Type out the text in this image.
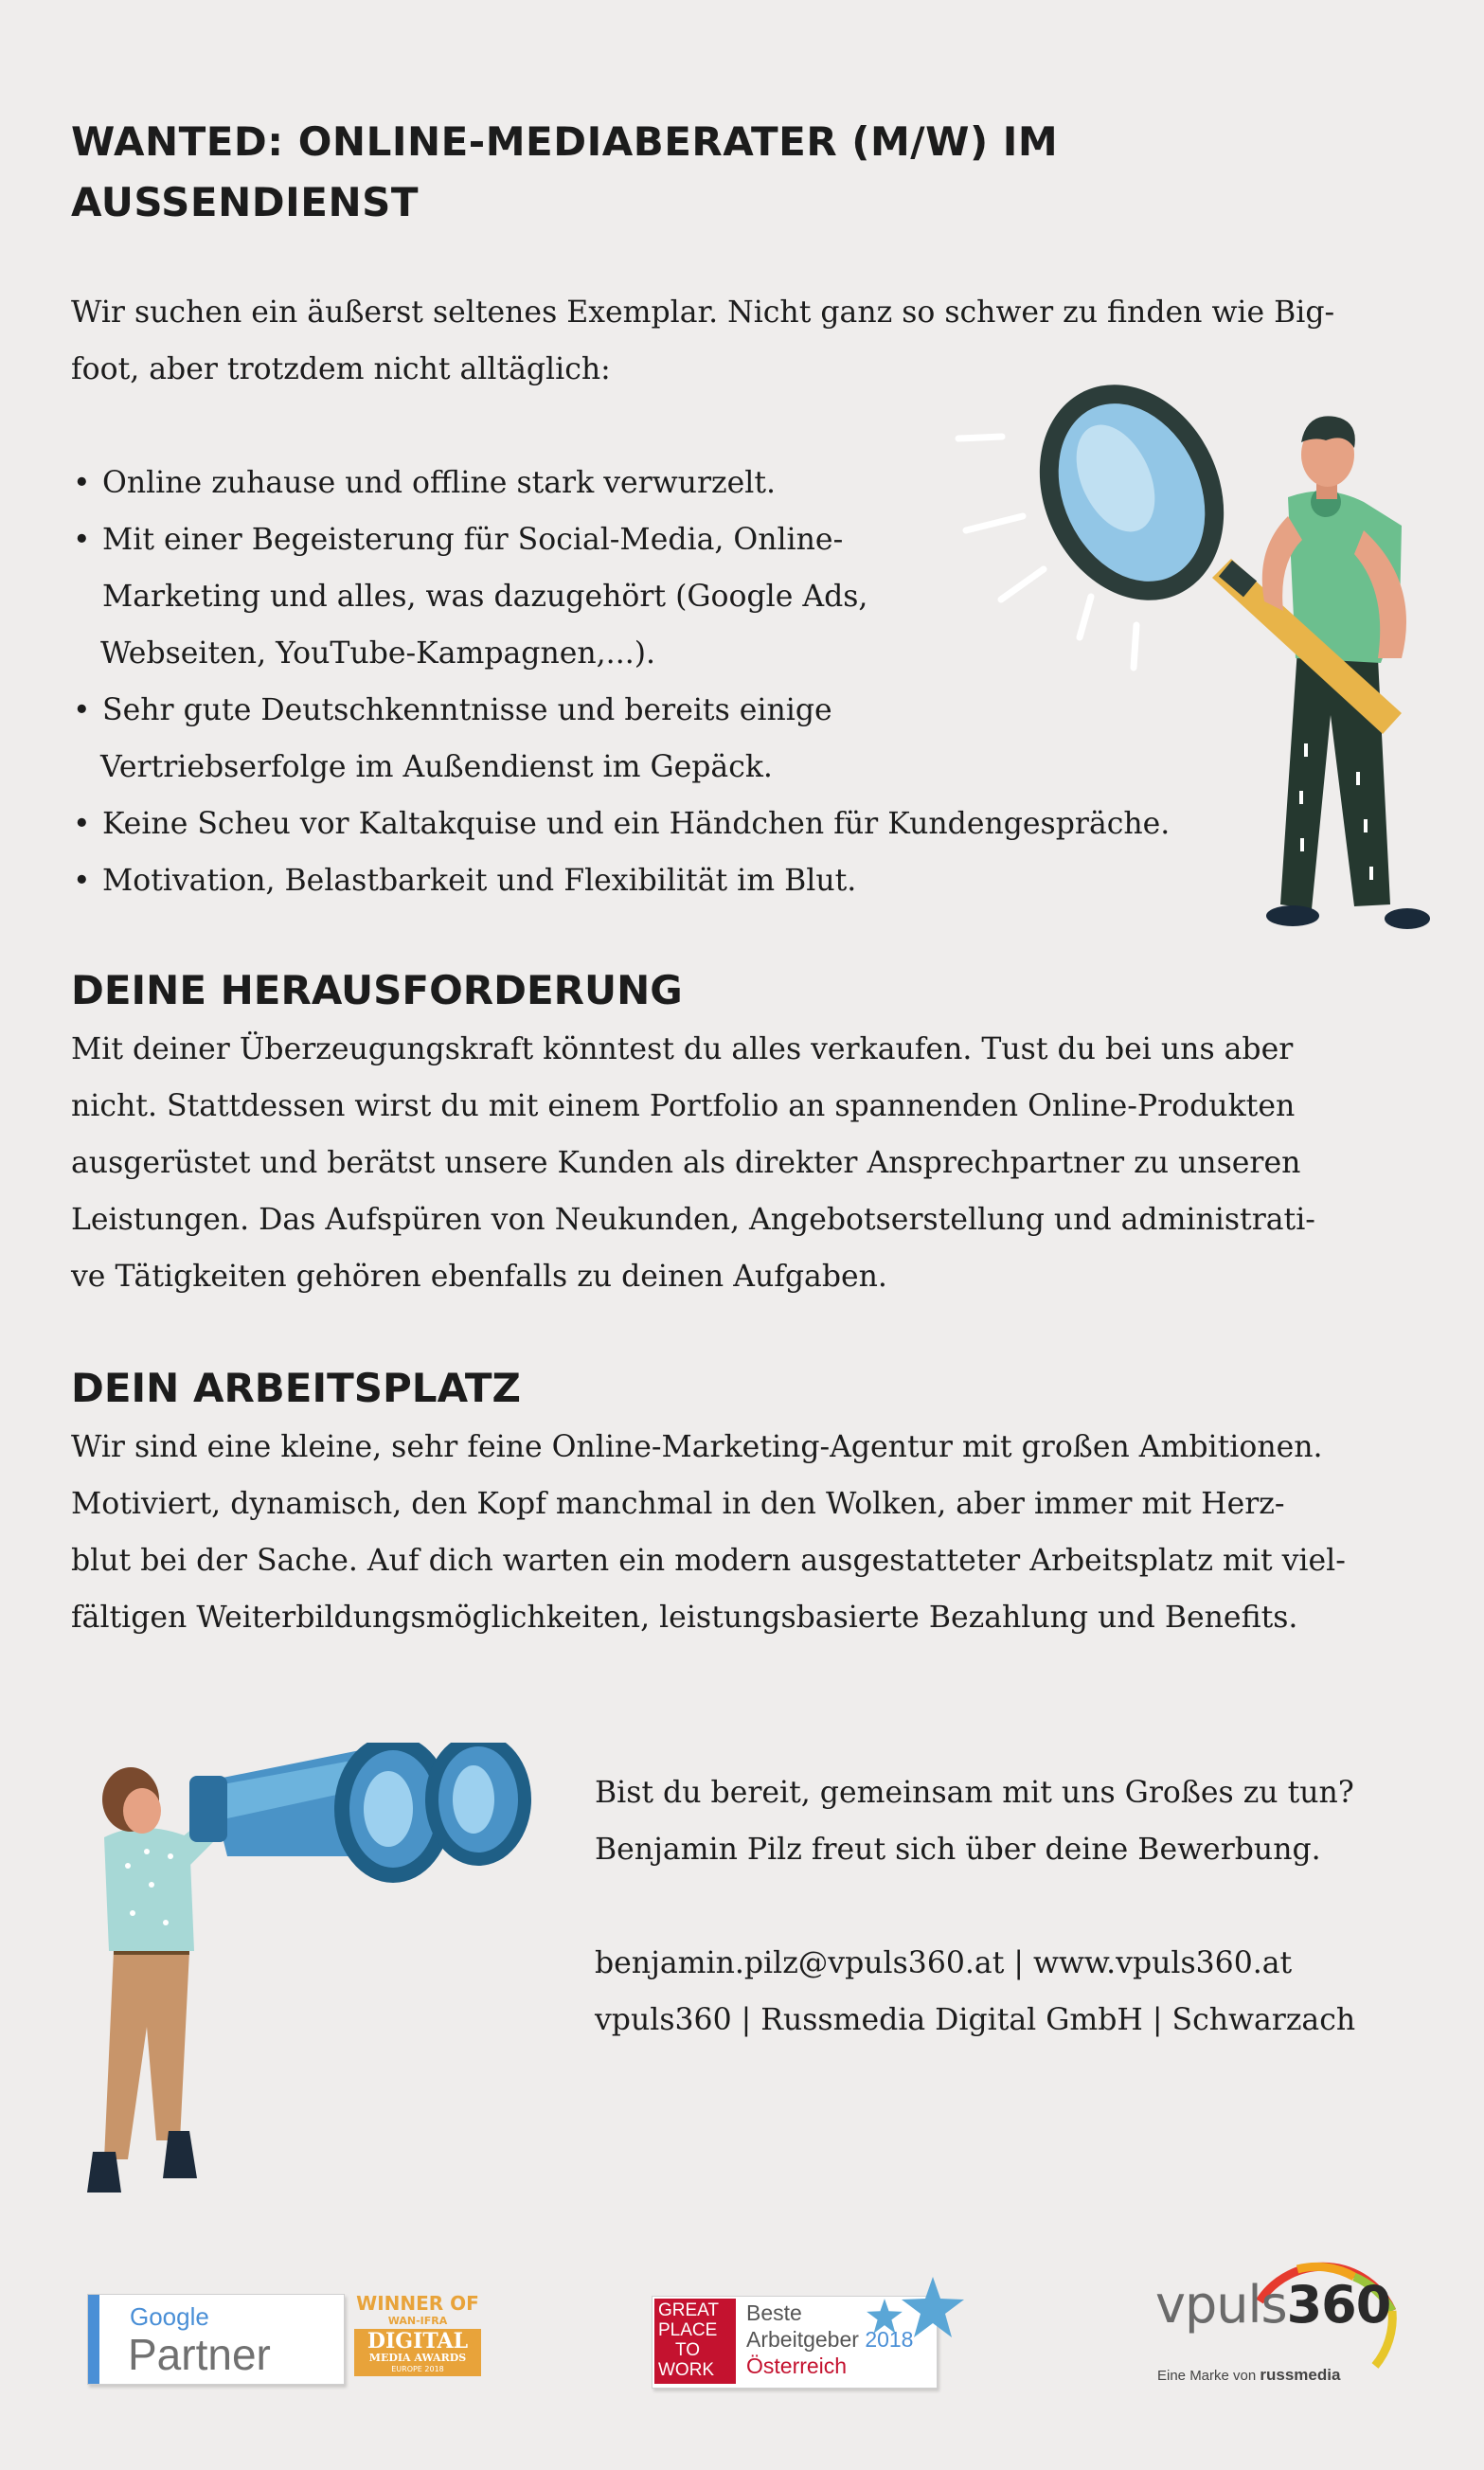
WANTED: ONLINE-MEDIABERATER (M/W) IM
AUSSENDIENST

Wir suchen ein äußerst seltenes Exemplar. Nicht ganz so schwer zu finden wie Big-
foot, aber trotzdem nicht alltäglich:

• Online zuhause und offline stark verwurzelt.
• Mit einer Begeisterung für Social-Media, Online-
Marketing und alles, was dazugehört (Google Ads,
Webseiten, YouTube-Kampagnen,...).
• Sehr gute Deutschkenntnisse und bereits einige
Vertriebserfolge im Außendienst im Gepäck.
• Keine Scheu vor Kaltakquise und ein Händchen für Kundengespräche.
• Motivation, Belastbarkeit und Flexibilität im Blut.
DEINE HERAUSFORDERUNG

Mit deiner Überzeugungskraft könntest du alles verkaufen. Tust du bei uns aber
nicht. Stattdessen wirst du mit einem Portfolio an spannenden Online-Produkten
ausgerüstet und berätst unsere Kunden als direkter Ansprechpartner zu unseren
Leistungen. Das Aufspüren von Neukunden, Angebotserstellung und administrati-
ve Tätigkeiten gehören ebenfalls zu deinen Aufgaben.

DEIN ARBEITSPLATZ

Wir sind eine kleine, sehr feine Online-Marketing-Agentur mit großen Ambitionen.
Motiviert, dynamisch, den Kopf manchmal in den Wolken, aber immer mit Herz-
blut bei der Sache. Auf dich warten ein modern ausgestatteter Arbeitsplatz mit viel-
fältigen Weiterbildungsmöglichkeiten, leistungsbasierte Bezahlung und Benefits.

Bist du bereit, gemeinsam mit uns Großes zu tun?
Benjamin Pilz freut sich über deine Bewerbung.
benjamin.pilz@vpuls360.at | www.vpuls360.at
vpuls360 | Russmedia Digital GmbH | Schwarzach

Google
Partner
WINNER OF
WAN-IFRA
DIGITAL
MEDIA AWARDS
EUROPE 2018
GREAT
PLACE
TO
WORK
Beste
Arbeitgeber 2018
Österreich
vpuls360
Eine Marke von russmedia
